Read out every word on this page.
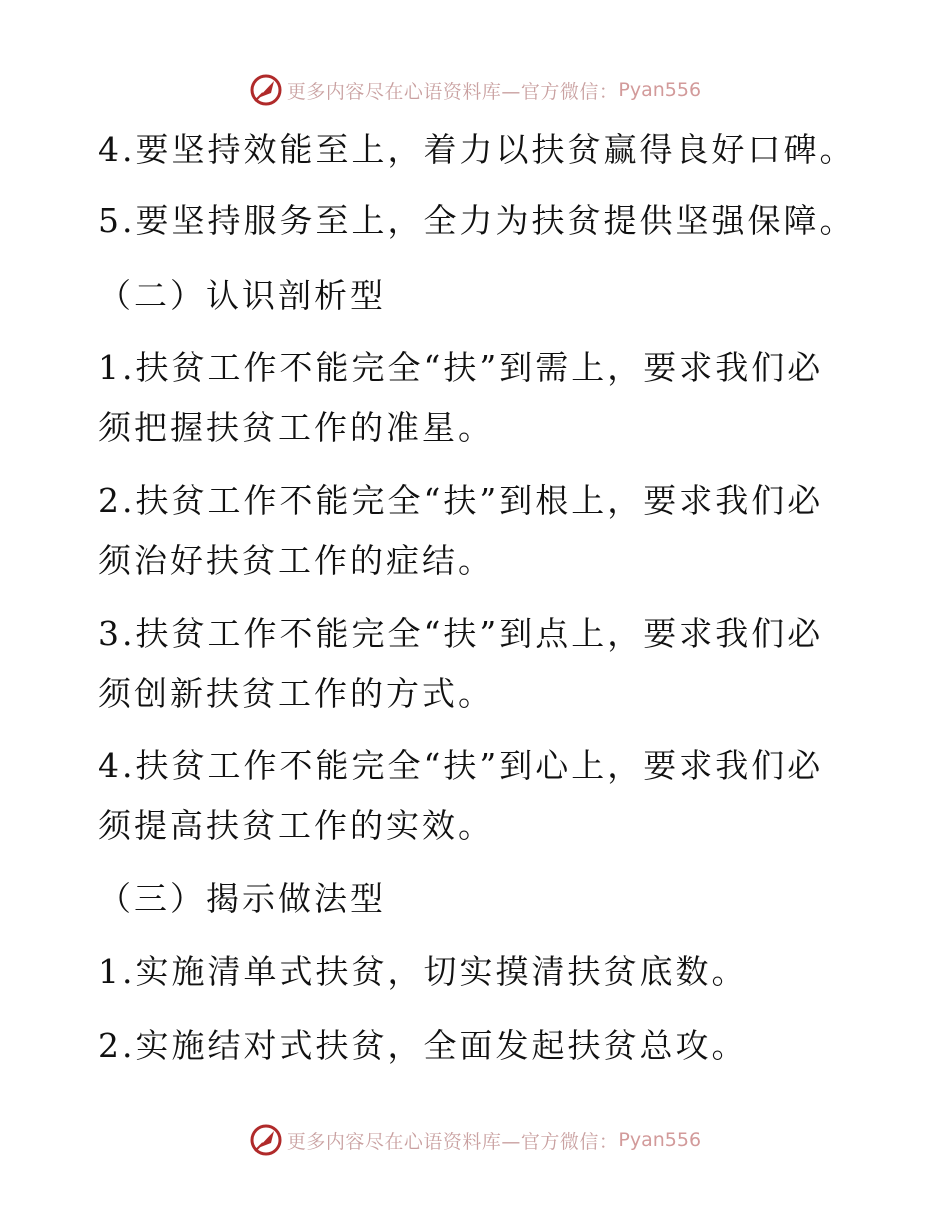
更多内容尽在心语资料库—官方微信： Pyan556
4.要坚持效能至上，着力以扶贫赢得良好口碑。
5.要坚持服务至上，全力为扶贫提供坚强保障。
（二）认识剖析型
1.扶贫工作不能完全“扶”到需上，要求我们必
须把握扶贫工作的准星。
2.扶贫工作不能完全“扶”到根上，要求我们必
须治好扶贫工作的症结。
3.扶贫工作不能完全“扶”到点上，要求我们必
须创新扶贫工作的方式。
4.扶贫工作不能完全“扶”到心上，要求我们必
须提高扶贫工作的实效。
（三）揭示做法型
1.实施清单式扶贫，切实摸清扶贫底数。
2.实施结对式扶贫，全面发起扶贫总攻。
更多内容尽在心语资料库—官方微信： Pyan556
